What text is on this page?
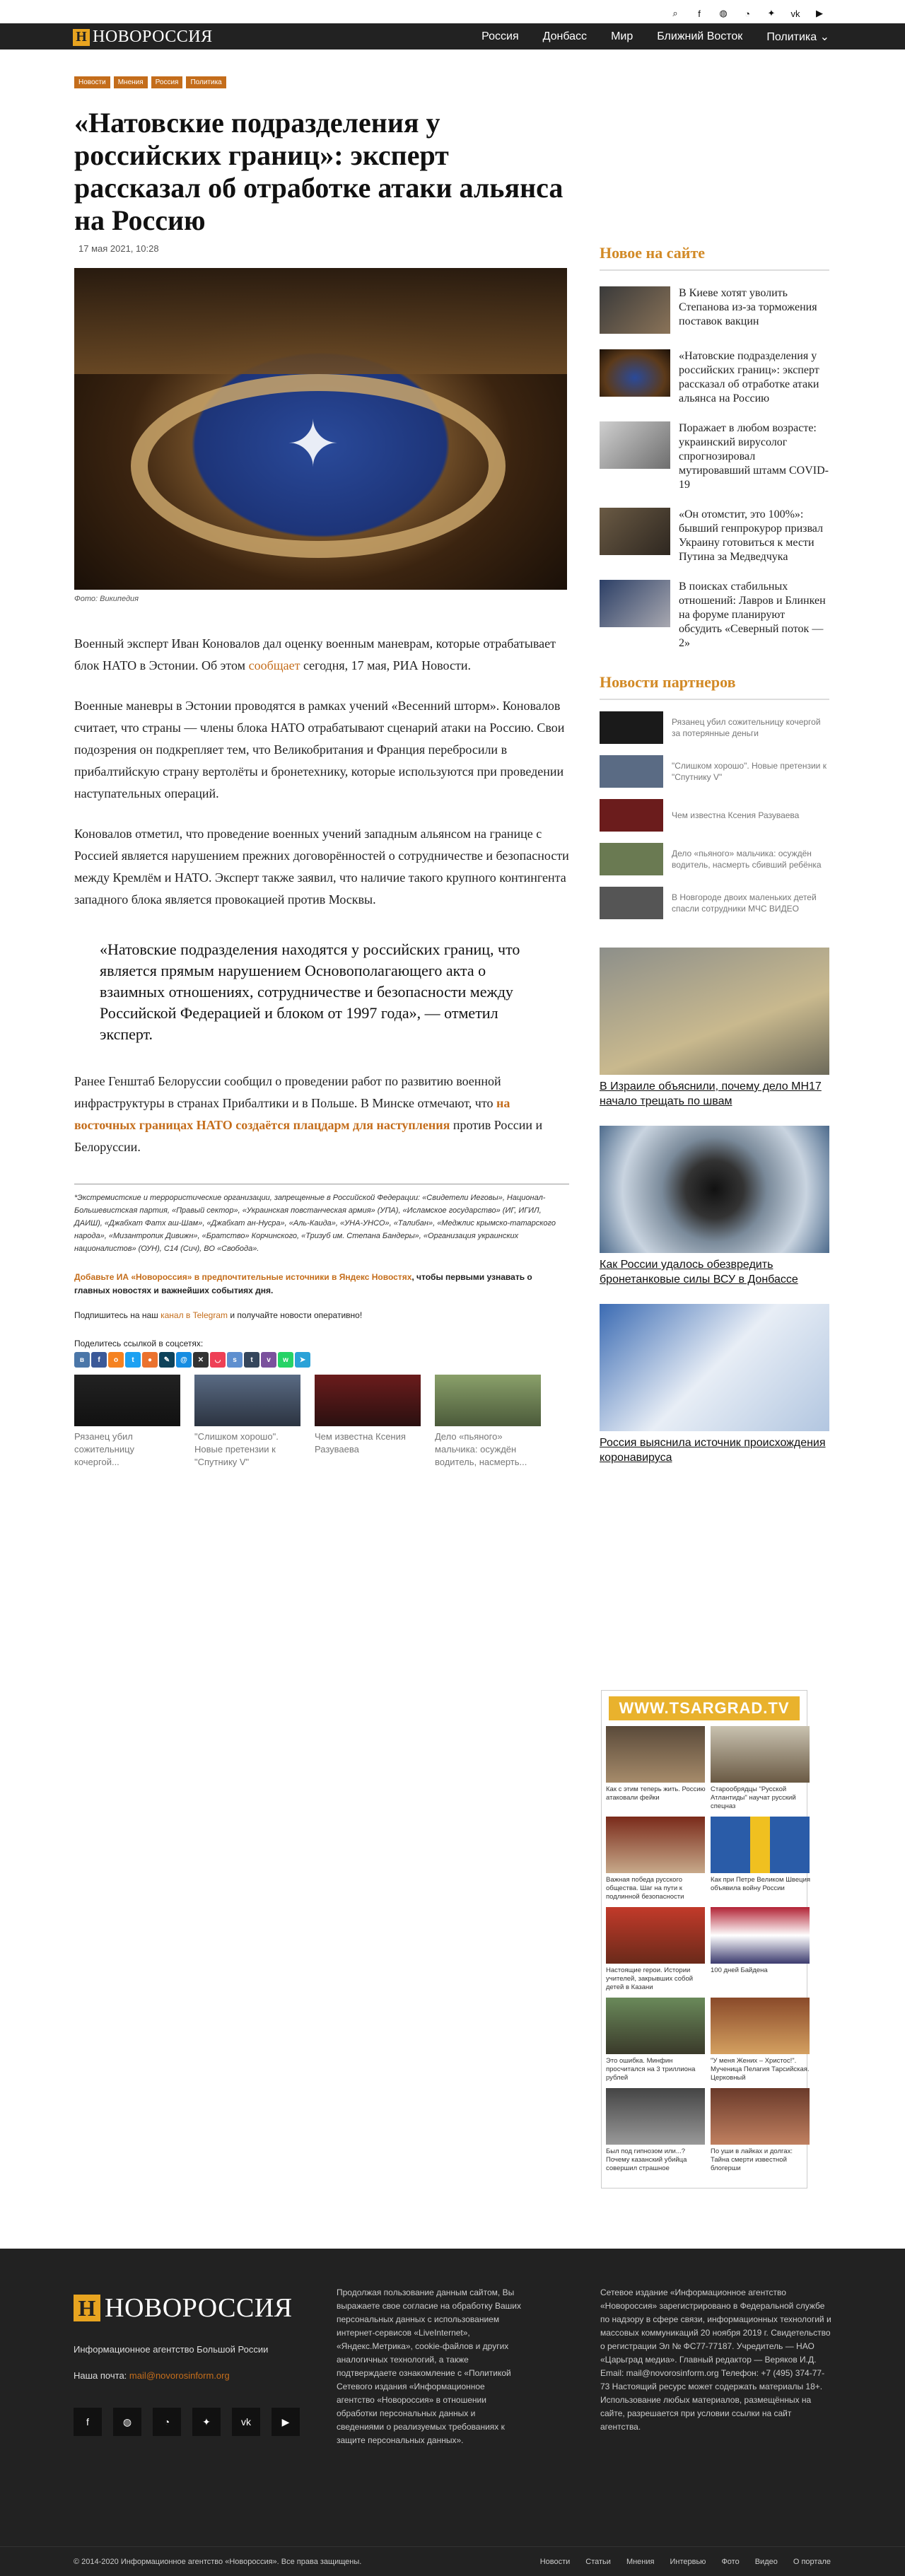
⌕	f	◍	◔	✦ vk	▶
Н НОВОРОССИЯ	Россия Донбасс Мир Ближний Восток Политика ⌄
Новости	Мнения	Россия	Политика
«Натовские подразделения у российских границ»: эксперт рассказал об отработке атаки альянса на Россию
17 мая 2021, 10:28
✦
Фото: Википедия

Военный эксперт Иван Коновалов дал оценку военным маневрам, которые отрабатывает блок НАТО в Эстонии. Об этом сообщает сегодня, 17 мая, РИА Новости.

Военные маневры в Эстонии проводятся в рамках учений «Весенний шторм». Коновалов считает, что страны — члены блока НАТО отрабатывают сценарий атаки на Россию. Свои подозрения он подкрепляет тем, что Великобритания и Франция перебросили в прибалтийскую страну вертолёты и бронетехнику, которые используются при проведении наступательных операций.

Коновалов отметил, что проведение военных учений западным альянсом на границе с Россией является нарушением прежних договорённостей о сотрудничестве и безопасности между Кремлём и НАТО. Эксперт также заявил, что наличие такого крупного контингента западного блока является провокацией против Москвы.

«Натовские подразделения находятся у российских границ, что является прямым нарушением Основополагающего акта о взаимных отношениях, сотрудничестве и безопасности между Российской Федерацией и блоком от 1997 года», — отметил эксперт.

Ранее Генштаб Белоруссии сообщил о проведении работ по развитию военной инфраструктуры в странах Прибалтики и в Польше. В Минске отмечают, что на восточных границах НАТО создаётся плацдарм для наступления против России и Белоруссии.

*Экстремистские и террористические организации, запрещенные в Российской Федерации: «Свидетели Иеговы», Национал-Большевистская партия, «Правый сектор», «Украинская повстанческая армия» (УПА), «Исламское государство» (ИГ, ИГИЛ, ДАИШ), «Джабхат Фатх аш-Шам», «Джабхат ан-Нусра», «Аль-Каида», «УНА-УНСО», «Талибан», «Меджлис крымско-татарского народа», «Мизантропик Дивижн», «Братство» Корчинского, «Тризуб им. Степана Бандеры», «Организация украинских националистов» (ОУН), С14 (Сич), ВО «Свобода».
Добавьте ИА «Новороссия» в предпочтительные источники в Яндекс Новостях, чтобы первыми узнавать о главных новостях и важнейших событиях дня.
Подпишитесь на наш канал в Telegram и получайте новости оперативно!
Поделитесь ссылкой в соцсетях:
в	f	о	t	●	✎	@	✕	◡	s	t	v	w	➤
Рязанец убил сожительницу кочергой...
"Слишком хорошо". Новые претензии к "Спутнику V"
Чем известна Ксения Разуваева
Дело «пьяного» мальчика: осуждён водитель, насмерть...
Новое на сайте
В Киеве хотят уволить Степанова из-за торможения поставок вакцин
«Натовские подразделения у российских границ»: эксперт рассказал об отработке атаки альянса на Россию
Поражает в любом возрасте: украинский вирусолог спрогнозировал мутировавший штамм COVID-19
«Он отомстит, это 100%»: бывший генпрокурор призвал Украину готовиться к мести Путина за Медведчука
В поисках стабильных отношений: Лавров и Блинкен на форуме планируют обсудить «Северный поток — 2»
Новости партнеров
Рязанец убил сожительницу кочергой за потерянные деньги
"Слишком хорошо". Новые претензии к "Спутнику V"
Чем известна Ксения Разуваева
Дело «пьяного» мальчика: осуждён водитель, насмерть сбивший ребёнка
В Новгороде двоих маленьких детей спасли сотрудники МЧС ВИДЕО
В Израиле объяснили, почему дело MH17 начало трещать по швам
Как России удалось обезвредить бронетанковые силы ВСУ в Донбассе
Россия выяснила источник происхождения коронавируса
WWW.TSARGRAD.TV
Как с этим теперь жить. Россию атаковали фейки
Старообрядцы "Русской Атлантиды" научат русский спецназ
Важная победа русского общества. Шаг на пути к подлинной безопасности
Как при Петре Великом Швеция объявила войну России
Настоящие герои. Истории учителей, закрывших собой детей в Казани
100 дней Байдена
Это ошибка. Минфин просчитался на 3 триллиона рублей
"У меня Жених – Христос!". Мученица Пелагия Тарсийская. Церковный
Был под гипнозом или...? Почему казанский убийца совершил страшное
По уши в лайках и долгах: Тайна смерти известной блогерши
Н НОВОРОССИЯ
Информационное агентство Большой России
Наша почта: mail@novorosinform.org
f	◍	◔	✦	vk	▶
Продолжая пользование данным сайтом, Вы выражаете свое согласие на обработку Ваших персональных данных с использованием интернет-сервисов «LiveInternet», «Яндекс.Метрика», cookie-файлов и других аналогичных технологий, а также подтверждаете ознакомление с «Политикой Сетевого издания «Информационное агентство «Новороссия» в отношении обработки персональных данных и сведениями о реализуемых требованиях к защите персональных данных».
Сетевое издание «Информационное агентство «Новороссия» зарегистрировано в Федеральной службе по надзору в сфере связи, информационных технологий и массовых коммуникаций 20 ноября 2019 г. Свидетельство о регистрации Эл № ФС77-77187. Учредитель — НАО «Царьград медиа». Главный редактор — Веряков И.Д. Email: mail@novorosinform.org Телефон: +7 (495) 374-77-73 Настоящий ресурс может содержать материалы 18+. Использование любых материалов, размещённых на сайте, разрешается при условии ссылки на сайт агентства.
© 2014-2020 Информационное агентство «Новороссия». Все права защищены.	Новости Статьи Мнения Интервью Фото Видео О портале
